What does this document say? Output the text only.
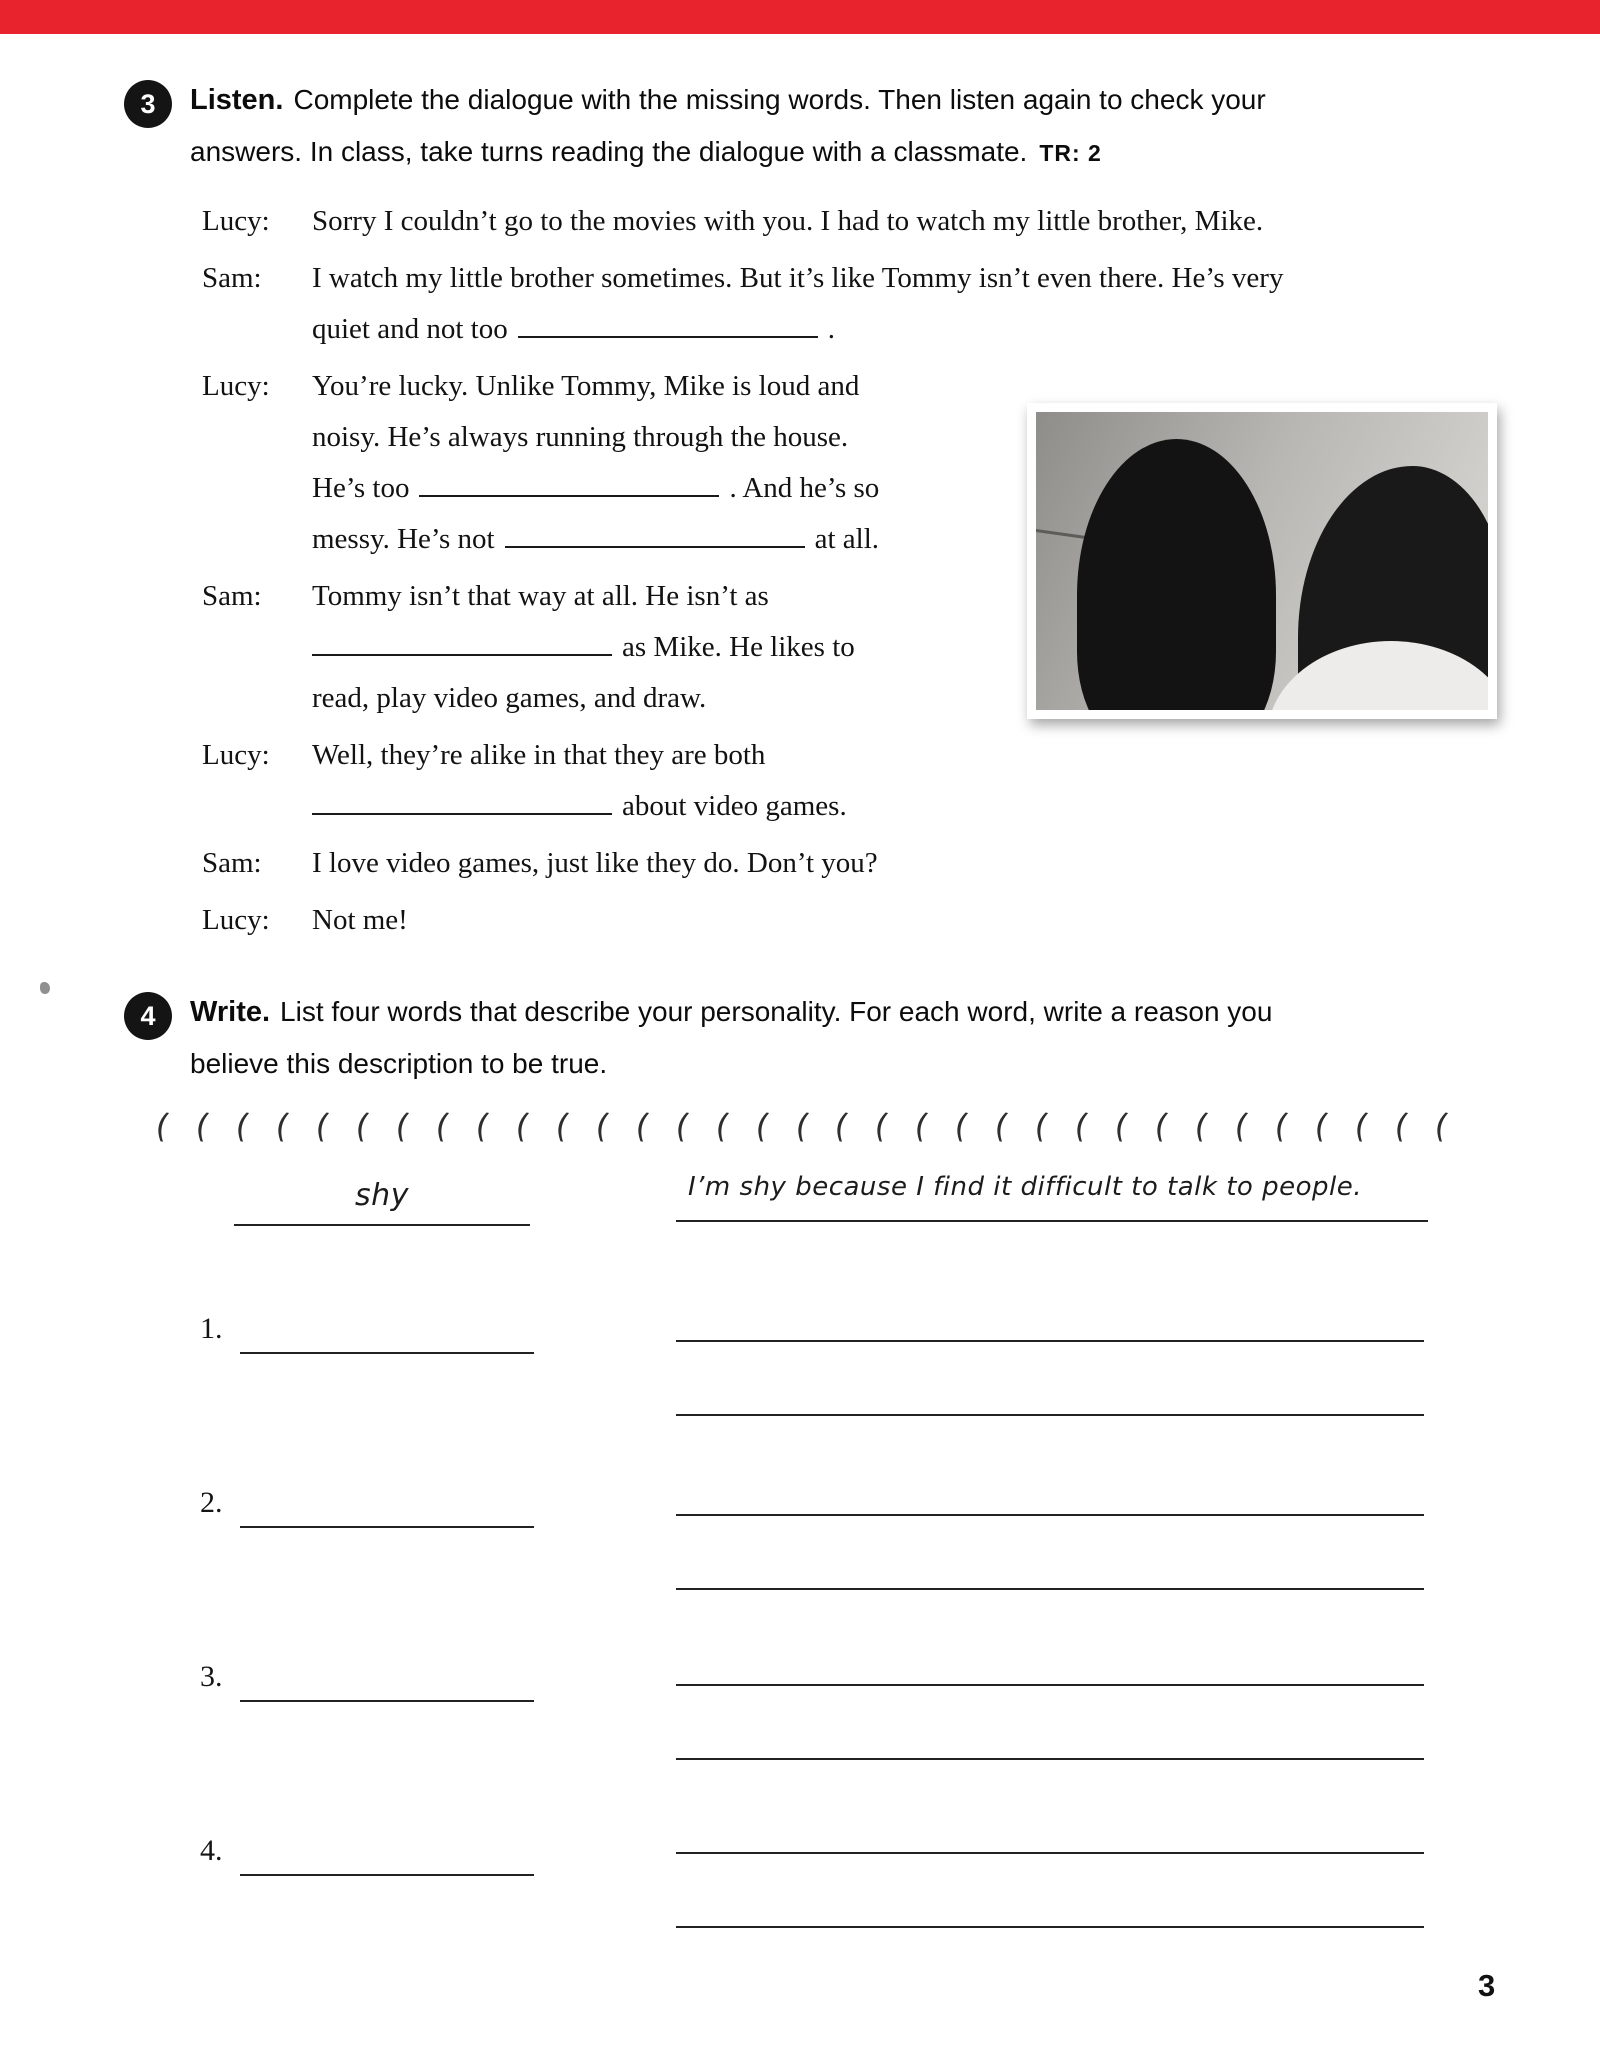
3	Listen. Complete the dialogue with the missing words. Then listen again to check your
answers. In class, take turns reading the dialogue with a classmate. TR: 2
Lucy:	Sorry I couldn’t go to the movies with you. I had to watch my little brother, Mike.
Sam:	I watch my little brother sometimes. But it’s like Tommy isn’t even there. He’s very
quiet and not too	.
Lucy:	You’re lucky. Unlike Tommy, Mike is loud and
noisy. He’s always running through the house.
He’s too	. And he’s so
messy. He’s not	at all.
Sam:	Tommy isn’t that way at all. He isn’t as
as Mike. He likes to
read, play video games, and draw.
Lucy:	Well, they’re alike in that they are both
about video games.
Sam:	I love video games, just like they do. Don’t you?
Lucy:	Not me!
4	Write. List four words that describe your personality. For each word, write a reason you
believe this description to be true.
( ( ( ( ( ( ( ( ( ( ( ( ( ( ( ( ( ( ( ( ( ( ( ( ( ( ( ( ( ( ( ( (
shy	I’m shy because I find it difficult to talk to people.
1.
2.
3.
4.
3
